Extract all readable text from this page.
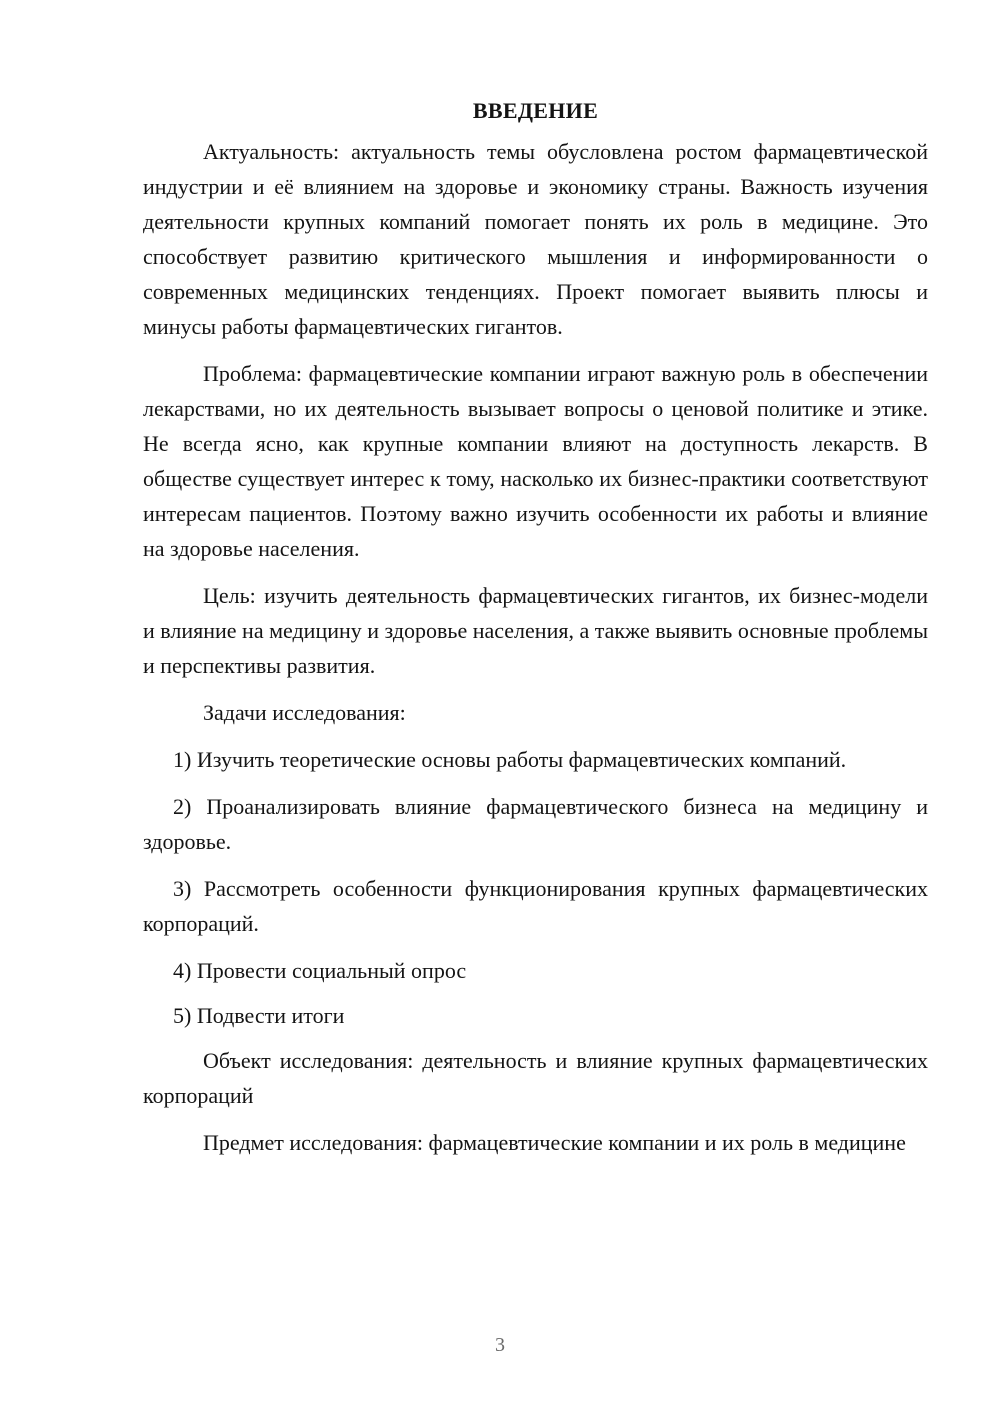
ВВЕДЕНИЕ

Актуальность: актуальность темы обусловлена ростом фармацевтической индустрии и её влиянием на здоровье и экономику страны. Важность изучения деятельности крупных компаний помогает понять их роль в медицине. Это способствует развитию критического мышления и информированности о современных медицинских тенденциях. Проект помогает выявить плюсы и минусы работы фармацевтических гигантов.

Проблема: фармацевтические компании играют важную роль в обеспечении лекарствами, но их деятельность вызывает вопросы о ценовой политике и этике. Не всегда ясно, как крупные компании влияют на доступность лекарств. В обществе существует интерес к тому, насколько их бизнес-практики соответствуют интересам пациентов. Поэтому важно изучить особенности их работы и влияние на здоровье населения.

Цель: изучить деятельность фармацевтических гигантов, их бизнес-модели и влияние на медицину и здоровье населения, а также выявить основные проблемы и перспективы развития.

Задачи исследования:

1) Изучить теоретические основы работы фармацевтических компаний.

2) Проанализировать влияние фармацевтического бизнеса на медицину и здоровье.

3) Рассмотреть особенности функционирования крупных фармацевтических корпораций.

4) Провести социальный опрос

5) Подвести итоги

Объект исследования: деятельность и влияние крупных фармацевтических корпораций

Предмет исследования: фармацевтические компании и их роль в медицине

3
